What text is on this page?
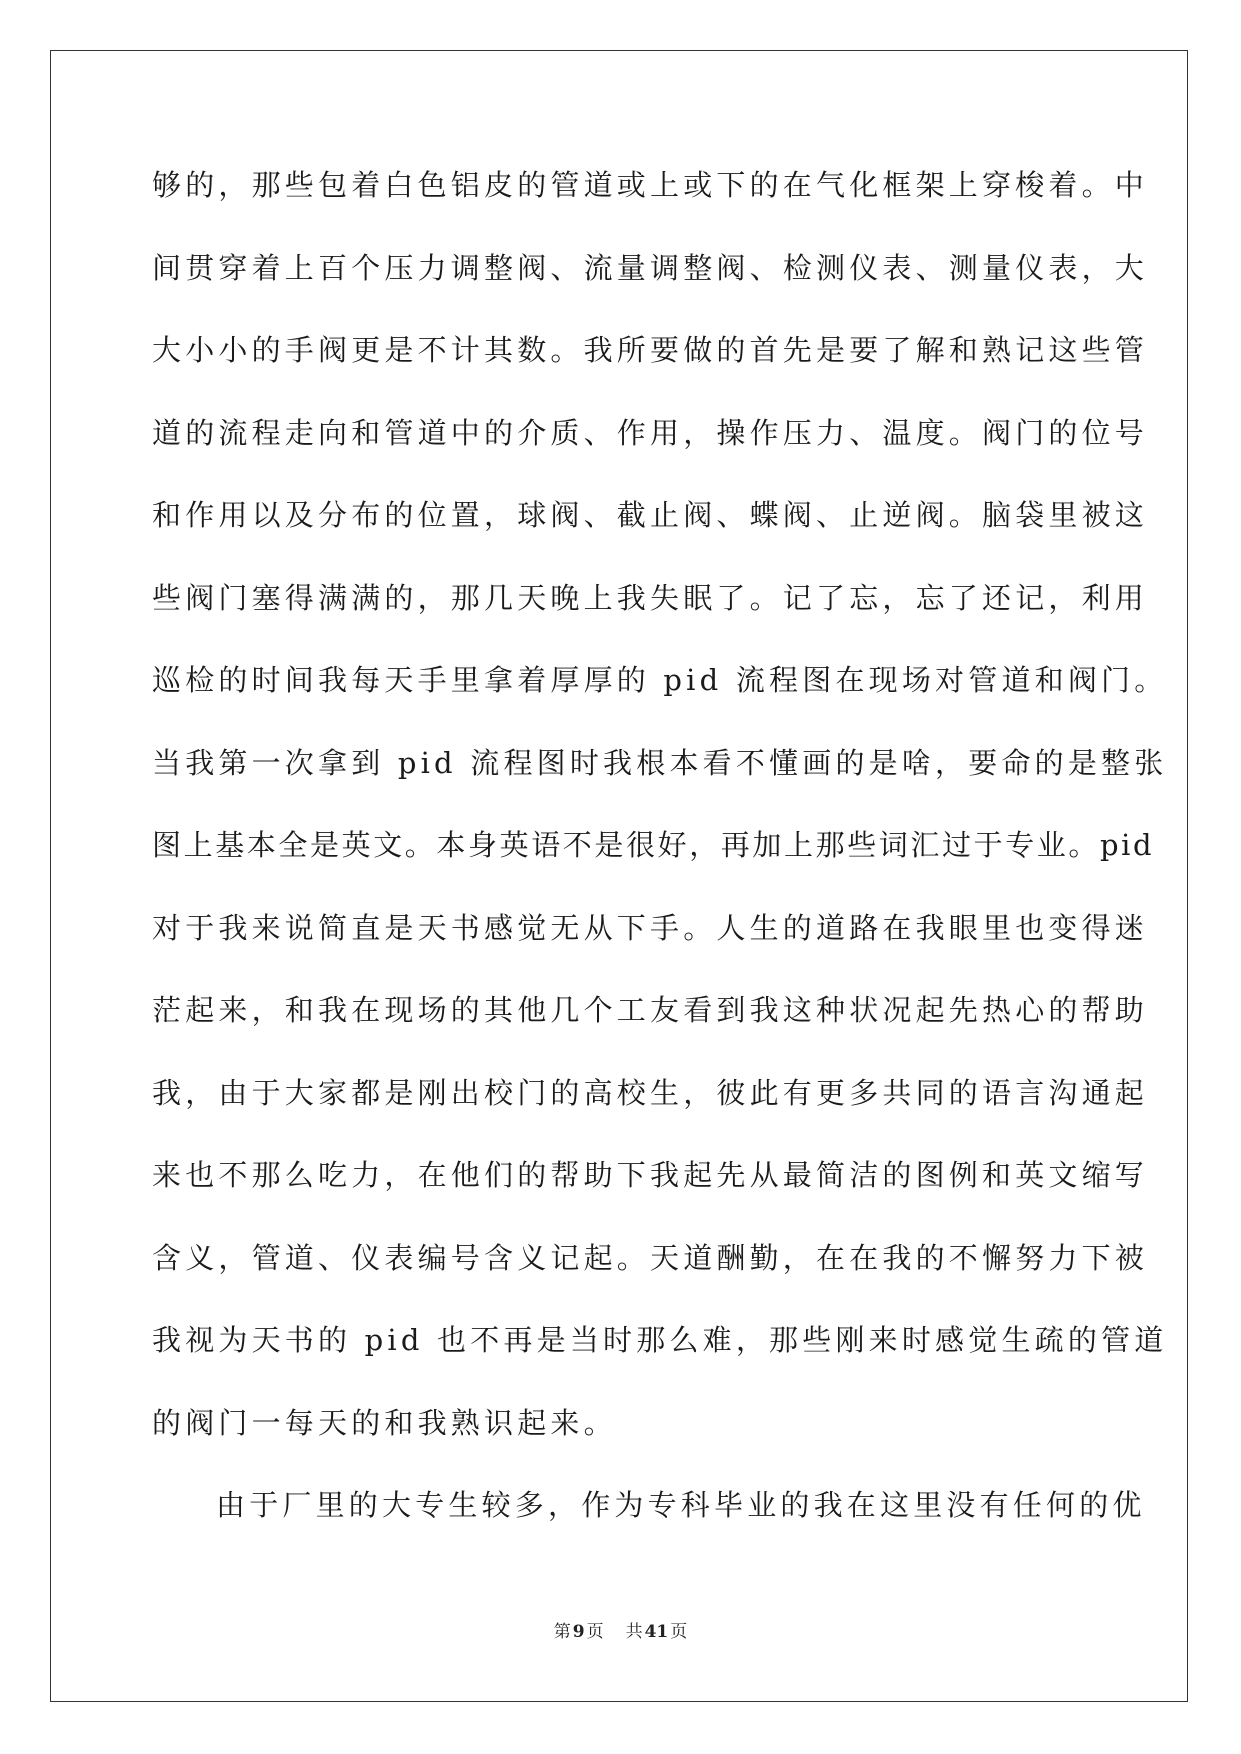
够的，那些包着白色铝皮的管道或上或下的在气化框架上穿梭着。中
间贯穿着上百个压力调整阀、流量调整阀、检测仪表、测量仪表，大
大小小的手阀更是不计其数。我所要做的首先是要了解和熟记这些管
道的流程走向和管道中的介质、作用，操作压力、温度。阀门的位号
和作用以及分布的位置，球阀、截止阀、蝶阀、止逆阀。脑袋里被这
些阀门塞得满满的，那几天晚上我失眠了。记了忘，忘了还记，利用
巡检的时间我每天手里拿着厚厚的 pid 流程图在现场对管道和阀门。
当我第一次拿到 pid 流程图时我根本看不懂画的是啥，要命的是整张
图上基本全是英文。本身英语不是很好，再加上那些词汇过于专业。pid
对于我来说简直是天书感觉无从下手。人生的道路在我眼里也变得迷
茫起来，和我在现场的其他几个工友看到我这种状况起先热心的帮助
我，由于大家都是刚出校门的高校生，彼此有更多共同的语言沟通起
来也不那么吃力，在他们的帮助下我起先从最简洁的图例和英文缩写
含义，管道、仪表编号含义记起。天道酬勤，在在我的不懈努力下被
我视为天书的 pid 也不再是当时那么难，那些刚来时感觉生疏的管道
的阀门一每天的和我熟识起来。
由于厂里的大专生较多，作为专科毕业的我在这里没有任何的优
第 9 页 共 41 页
